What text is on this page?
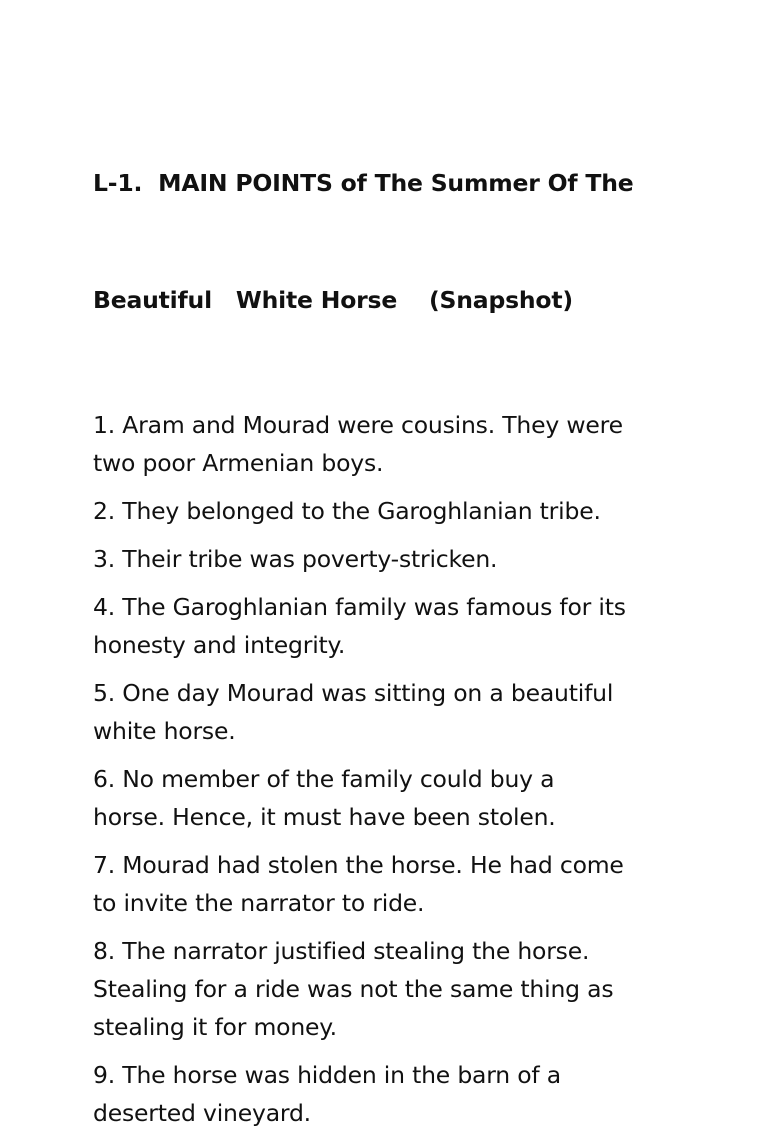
L-1.  MAIN POINTS of The Summer Of The

Beautiful   White Horse    (Snapshot)

1. Aram and Mourad were cousins. They were
two poor Armenian boys.
2. They belonged to the Garoghlanian tribe.
3. Their tribe was poverty-stricken.
4. The Garoghlanian family was famous for its
honesty and integrity.
5. One day Mourad was sitting on a beautiful
white horse.
6. No member of the family could buy a
horse. Hence, it must have been stolen.
7. Mourad had stolen the horse. He had come
to invite the narrator to ride.
8. The narrator justified stealing the horse.
Stealing for a ride was not the same thing as
stealing it for money.
9. The horse was hidden in the barn of a
deserted vineyard.
